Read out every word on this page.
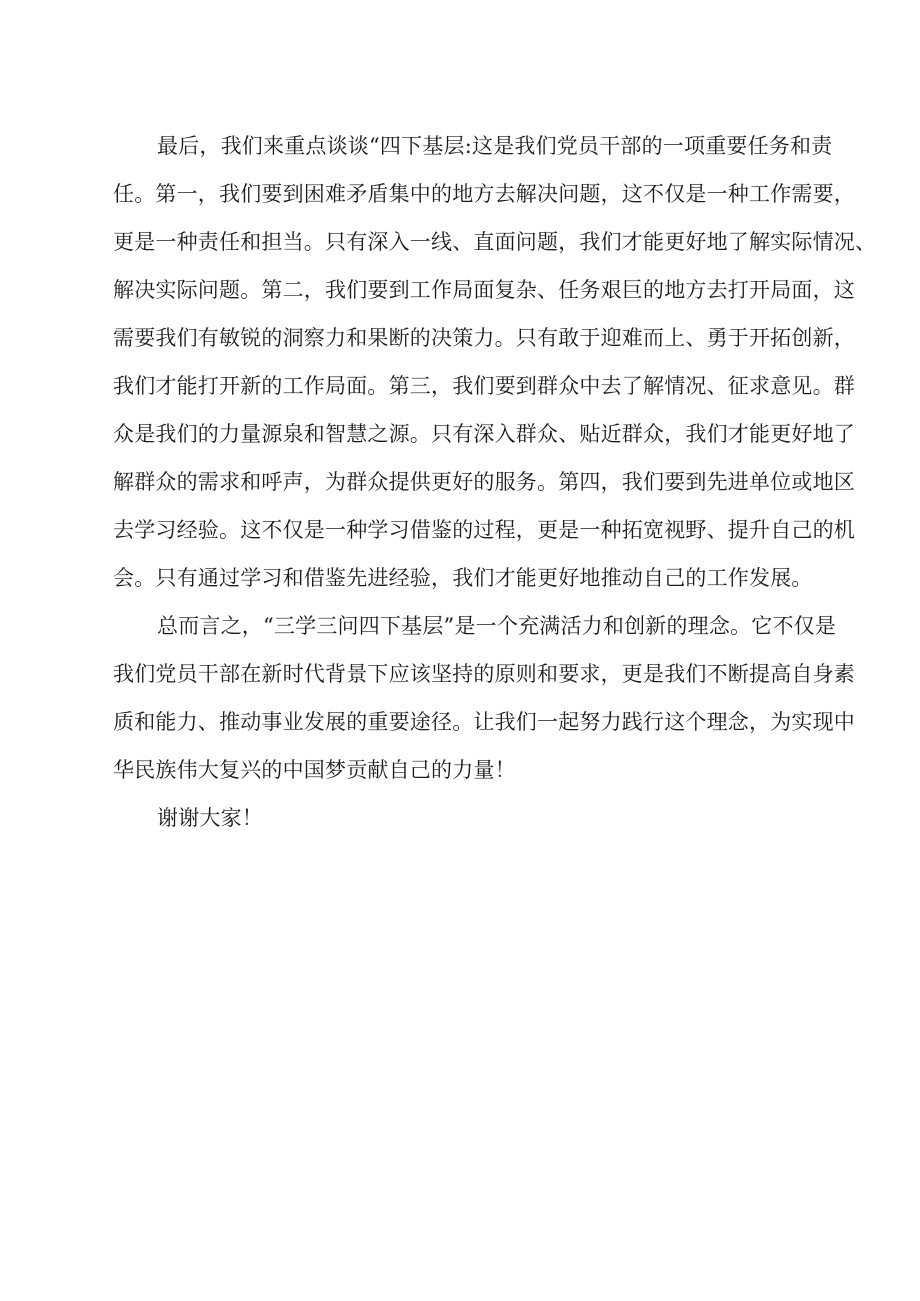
最后，我们来重点谈谈“四下基层:这是我们党员干部的一项重要任务和责

任。第一，我们要到困难矛盾集中的地方去解决问题，这不仅是一种工作需要，

更是一种责任和担当。只有深入一线、直面问题，我们才能更好地了解实际情况、

解决实际问题。第二，我们要到工作局面复杂、任务艰巨的地方去打开局面，这

需要我们有敏锐的洞察力和果断的决策力。只有敢于迎难而上、勇于开拓创新，

我们才能打开新的工作局面。第三，我们要到群众中去了解情况、征求意见。群

众是我们的力量源泉和智慧之源。只有深入群众、贴近群众，我们才能更好地了

解群众的需求和呼声，为群众提供更好的服务。第四，我们要到先进单位或地区

去学习经验。这不仅是一种学习借鉴的过程，更是一种拓宽视野、提升自己的机

会。只有通过学习和借鉴先进经验，我们才能更好地推动自己的工作发展。

总而言之，“三学三问四下基层”是一个充满活力和创新的理念。它不仅是

我们党员干部在新时代背景下应该坚持的原则和要求，更是我们不断提高自身素

质和能力、推动事业发展的重要途径。让我们一起努力践行这个理念，为实现中

华民族伟大复兴的中国梦贡献自己的力量！

谢谢大家！
